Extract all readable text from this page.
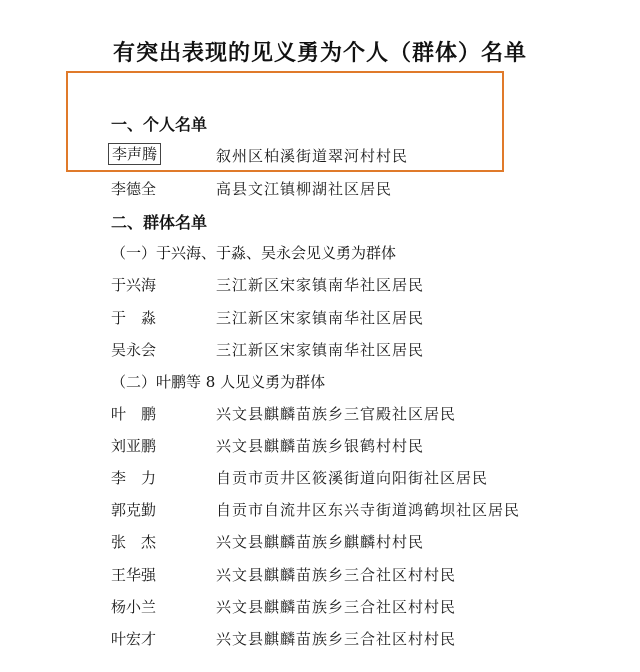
有突出表现的见义勇为个人（群体）名单
一、个人名单
李声腾	叙州区柏溪街道翠河村村民
李德全	高县文江镇柳湖社区居民
二、群体名单
（一）于兴海、于淼、吴永会见义勇为群体
于兴海	三江新区宋家镇南华社区居民
于　淼	三江新区宋家镇南华社区居民
吴永会	三江新区宋家镇南华社区居民
（二）叶鹏等 8 人见义勇为群体
叶　鹏	兴文县麒麟苗族乡三官殿社区居民
刘亚鹏	兴文县麒麟苗族乡银鹤村村民
李　力	自贡市贡井区筱溪街道向阳街社区居民
郭克勤	自贡市自流井区东兴寺街道鸿鹤坝社区居民
张　杰	兴文县麒麟苗族乡麒麟村村民
王华强	兴文县麒麟苗族乡三合社区村村民
杨小兰	兴文县麒麟苗族乡三合社区村村民
叶宏才	兴文县麒麟苗族乡三合社区村村民
